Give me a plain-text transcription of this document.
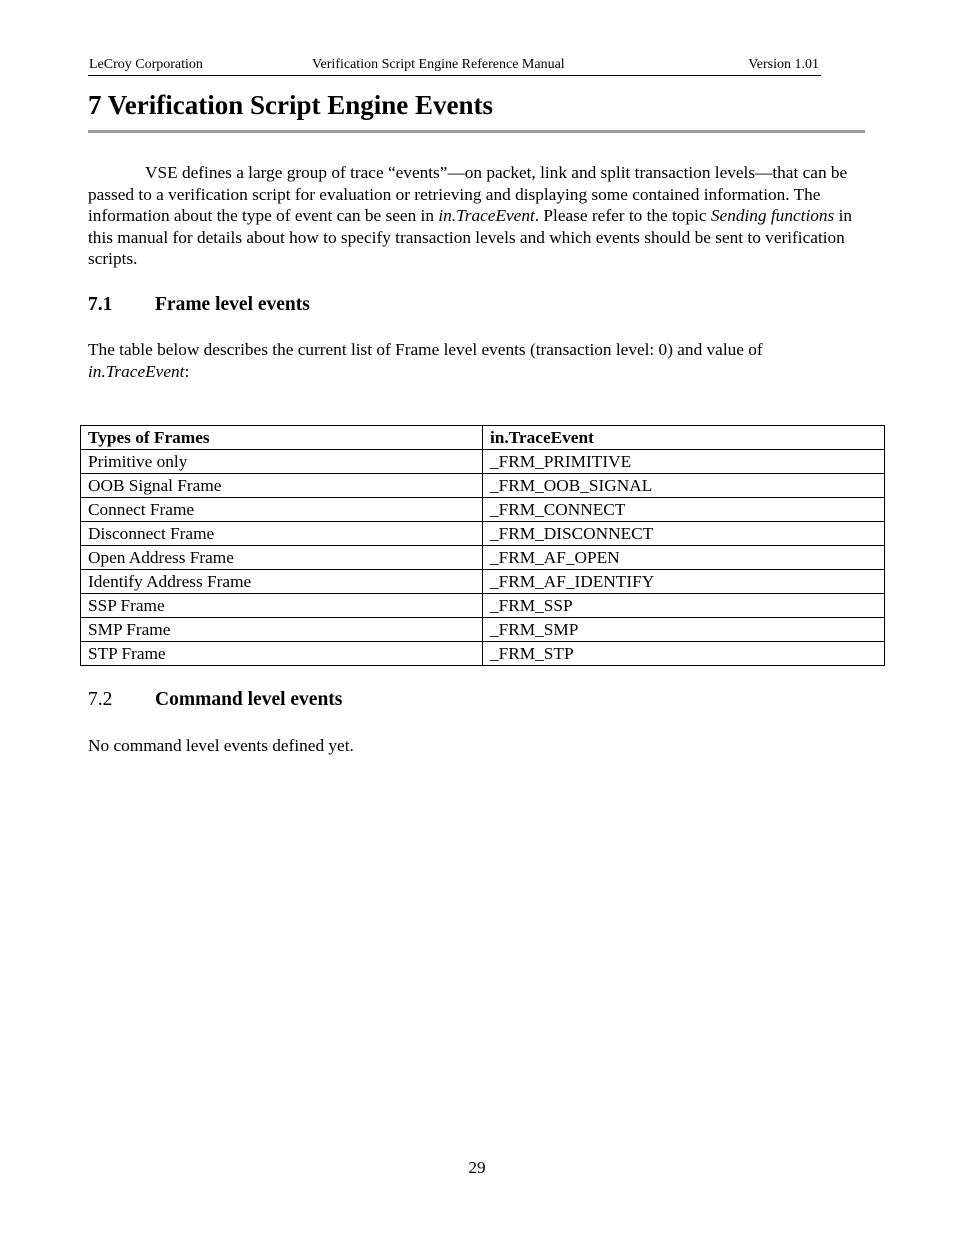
LeCroy Corporation	Verification Script Engine Reference Manual	Version 1.01
7 Verification Script Engine Events

VSE defines a large group of trace “events”—on packet, link and split transaction levels—that can be passed to a verification script for evaluation or retrieving and displaying some contained information. The information about the type of event can be seen in in.TraceEvent. Please refer to the topic Sending functions in this manual for details about how to specify transaction levels and which events should be sent to verification scripts.

7.1 Frame level events

The table below describes the current list of Frame level events (transaction level: 0) and value of in.TraceEvent:

Types of Frames	in.TraceEvent
Primitive only	_FRM_PRIMITIVE
OOB Signal Frame	_FRM_OOB_SIGNAL
Connect Frame	_FRM_CONNECT
Disconnect Frame	_FRM_DISCONNECT
Open Address Frame	_FRM_AF_OPEN
Identify Address Frame	_FRM_AF_IDENTIFY
SSP Frame	_FRM_SSP
SMP Frame	_FRM_SMP
STP Frame	_FRM_STP
7.2 Command level events

No command level events defined yet.

29
